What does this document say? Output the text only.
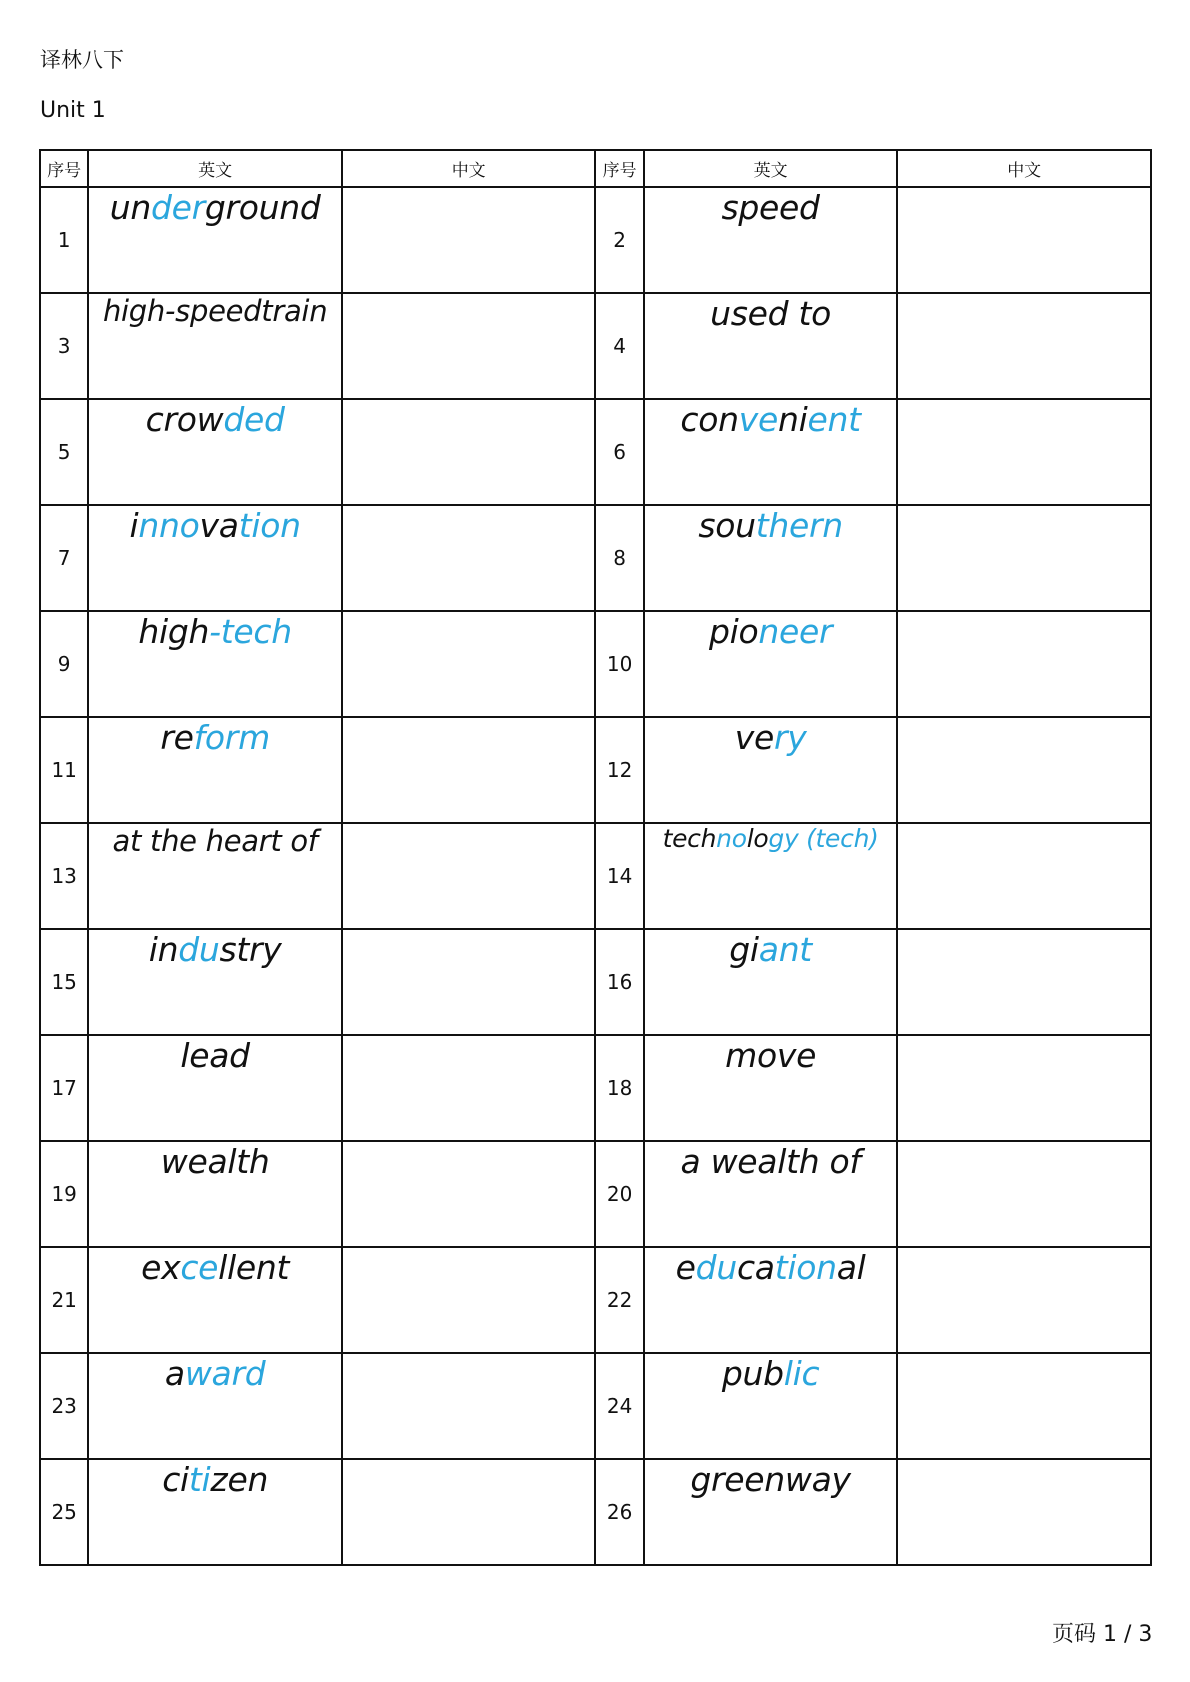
译林八下
Unit 1
序号	英文	中文	序号	英文	中文
1	underground		2	speed	
3	high-speedtrain		4	used to	
5	crowded		6	convenient	
7	innovation		8	southern	
9	high-tech		10	pioneer	
11	reform		12	very	
13	at the heart of		14	technology (tech)	
15	industry		16	giant	
17	lead		18	move	
19	wealth		20	a wealth of	
21	excellent		22	educational	
23	award		24	public	
25	citizen		26	greenway	
页码 1 / 3
